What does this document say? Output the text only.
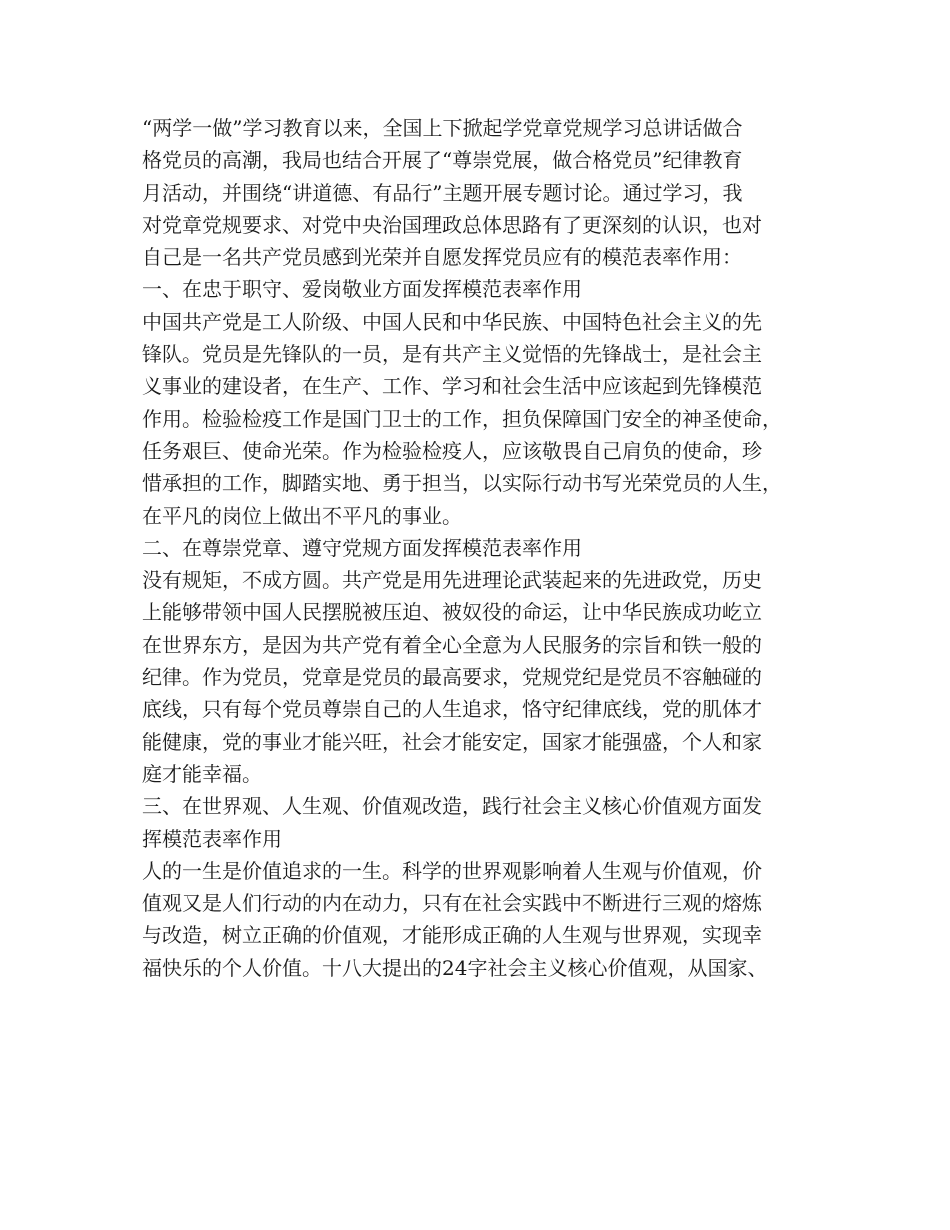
“两学一做”学习教育以来，全国上下掀起学党章党规学习总讲话做合
格党员的高潮，我局也结合开展了“尊崇党展，做合格党员”纪律教育
月活动，并围绕“讲道德、有品行”主题开展专题讨论。通过学习，我
对党章党规要求、对党中央治国理政总体思路有了更深刻的认识，也对
自己是一名共产党员感到光荣并自愿发挥党员应有的模范表率作用：
一、在忠于职守、爱岗敬业方面发挥模范表率作用
中国共产党是工人阶级、中国人民和中华民族、中国特色社会主义的先
锋队。党员是先锋队的一员，是有共产主义觉悟的先锋战士，是社会主
义事业的建设者，在生产、工作、学习和社会生活中应该起到先锋模范
作用。检验检疫工作是国门卫士的工作，担负保障国门安全的神圣使命，
任务艰巨、使命光荣。作为检验检疫人，应该敬畏自己肩负的使命，珍
惜承担的工作，脚踏实地、勇于担当，以实际行动书写光荣党员的人生，
在平凡的岗位上做出不平凡的事业。
二、在尊崇党章、遵守党规方面发挥模范表率作用
没有规矩，不成方圆。共产党是用先进理论武装起来的先进政党，历史
上能够带领中国人民摆脱被压迫、被奴役的命运，让中华民族成功屹立
在世界东方，是因为共产党有着全心全意为人民服务的宗旨和铁一般的
纪律。作为党员，党章是党员的最高要求，党规党纪是党员不容触碰的
底线，只有每个党员尊崇自己的人生追求，恪守纪律底线，党的肌体才
能健康，党的事业才能兴旺，社会才能安定，国家才能强盛，个人和家
庭才能幸福。
三、在世界观、人生观、价值观改造，践行社会主义核心价值观方面发
挥模范表率作用
人的一生是价值追求的一生。科学的世界观影响着人生观与价值观，价
值观又是人们行动的内在动力，只有在社会实践中不断进行三观的熔炼
与改造，树立正确的价值观，才能形成正确的人生观与世界观，实现幸
福快乐的个人价值。十八大提出的24字社会主义核心价值观，从国家、
